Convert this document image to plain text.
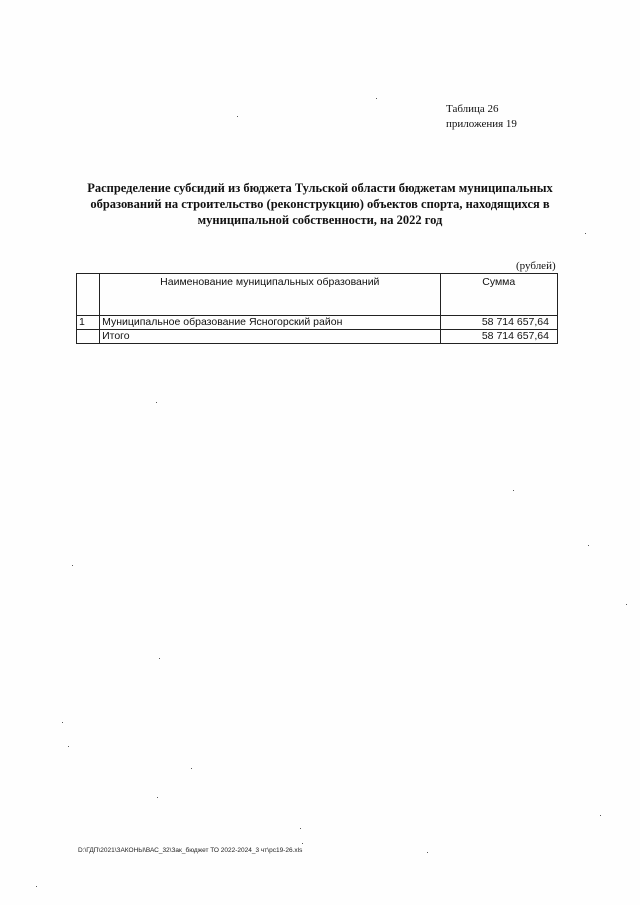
Таблица 26
приложения 19
Распределение субсидий из бюджета Тульской области бюджетам муниципальных
образований на строительство (реконструкцию) объектов спорта, находящихся в
муниципальной собственности, на 2022 год
(рублей)
	Наименование муниципальных образований	Сумма
1	Муниципальное образование Ясногорский район	58 714 657,64
	Итого	58 714 657,64
D:\ГДП\2021\ЗАКОНЫ\ВАС_32\Зак_бюджет ТО 2022-2024_3 чт\рс19-26.xls
